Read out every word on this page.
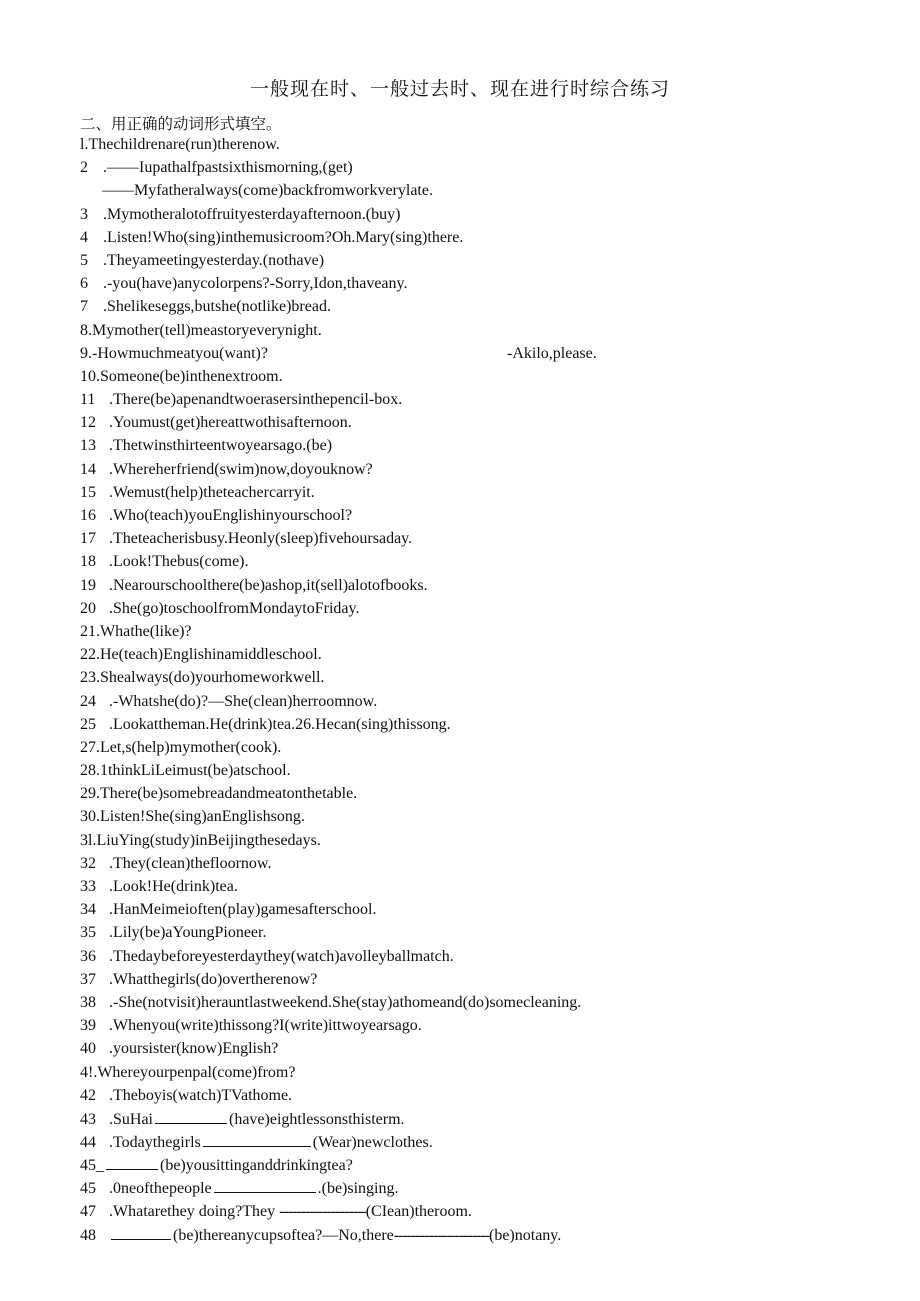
一般现在时、一般过去时、现在进行时综合练习
二、用正确的动词形式填空。
l.Thechildrenare(run)therenow.
2 .——Iupathalfpastsixthismorning,(get)
——Myfatheralways(come)backfromworkverylate.
3 .Mymotheralotoffruityesterdayafternoon.(buy)
4 .Listen!Who(sing)inthemusicroom?Oh.Mary(sing)there.
5 .Theyameetingyesterday.(nothave)
6 .-you(have)anycolorpens?-Sorry,Idon,thaveany.
7 .Shelikeseggs,butshe(notlike)bread.
8.Mymother(tell)meastoryeverynight.
9.-Howmuchmeatyou(want)?	-Akilo,please.
10.Someone(be)inthenextroom.
11 .There(be)apenandtwoerasersinthepencil-box.
12 .Youmust(get)hereattwothisafternoon.
13 .Thetwinsthirteentwoyearsago.(be)
14 .Whereherfriend(swim)now,doyouknow?
15 .Wemust(help)theteachercarryit.
16 .Who(teach)youEnglishinyourschool?
17 .Theteacherisbusy.Heonly(sleep)fivehoursaday.
18 .Look!Thebus(come).
19 .Nearourschoolthere(be)ashop,it(sell)alotofbooks.
20 .She(go)toschoolfromMondaytoFriday.
21.Whathe(like)?
22.He(teach)Englishinamiddleschool.
23.Shealways(do)yourhomeworkwell.
24 .-Whatshe(do)?—She(clean)herroomnow.
25 .Lookattheman.He(drink)tea.26.Hecan(sing)thissong.
27.Let,s(help)mymother(cook).
28.1thinkLiLeimust(be)atschool.
29.There(be)somebreadandmeatonthetable.
30.Listen!She(sing)anEnglishsong.
3l.LiuYing(study)inBeijingthesedays.
32 .They(clean)thefloornow.
33 .Look!He(drink)tea.
34 .HanMeimeioften(play)gamesafterschool.
35 .Lily(be)aYoungPioneer.
36 .Thedaybeforeyesterdaythey(watch)avolleyballmatch.
37 .Whatthegirls(do)overtherenow?
38 .-She(notvisit)herauntlastweekend.She(stay)athomeand(do)somecleaning.
39 .Whenyou(write)thissong?I(write)ittwoyearsago.
40 .yoursister(know)English?
4!.Whereyourpenpal(come)from?
42 .Theboyis(watch)TVathome.
43 .SuHai	(have)eightlessonsthisterm.
44 .Todaythegirls	(Wear)newclothes.
45_	(be)yousittinganddrinkingtea?
45 .0neofthepeople	.(be)singing.
47 .Whatarethey doing?They --------------------(CIean)theroom.
48	(be)thereanycupsoftea?—No,there----------------------(be)notany.
